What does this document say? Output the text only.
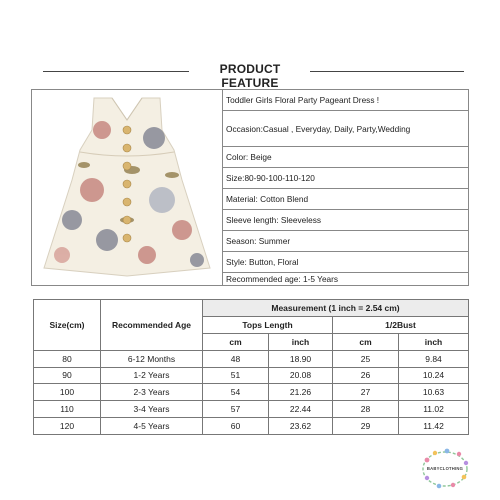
PRODUCT FEATURE
Toddler Girls Floral Party Pageant Dress !
Occasion:Casual , Everyday, Daily, Party,Wedding
Color: Beige
Size:80-90-100-110-120
Material: Cotton Blend
Sleeve length: Sleeveless
Season: Summer
Style: Button, Floral
Recommended age: 1-5 Years
Size(cm)	Recommended Age	Measurement (1 inch = 2.54 cm)			
		Tops Length		1/2Bust	
		cm	inch	cm	inch
80	6-12 Months	48	18.90	25	9.84
90	1-2 Years	51	20.08	26	10.24
100	2-3 Years	54	21.26	27	10.63
110	3-4 Years	57	22.44	28	11.02
120	4-5 Years	60	23.62	29	11.42
BABYCLOTHING
